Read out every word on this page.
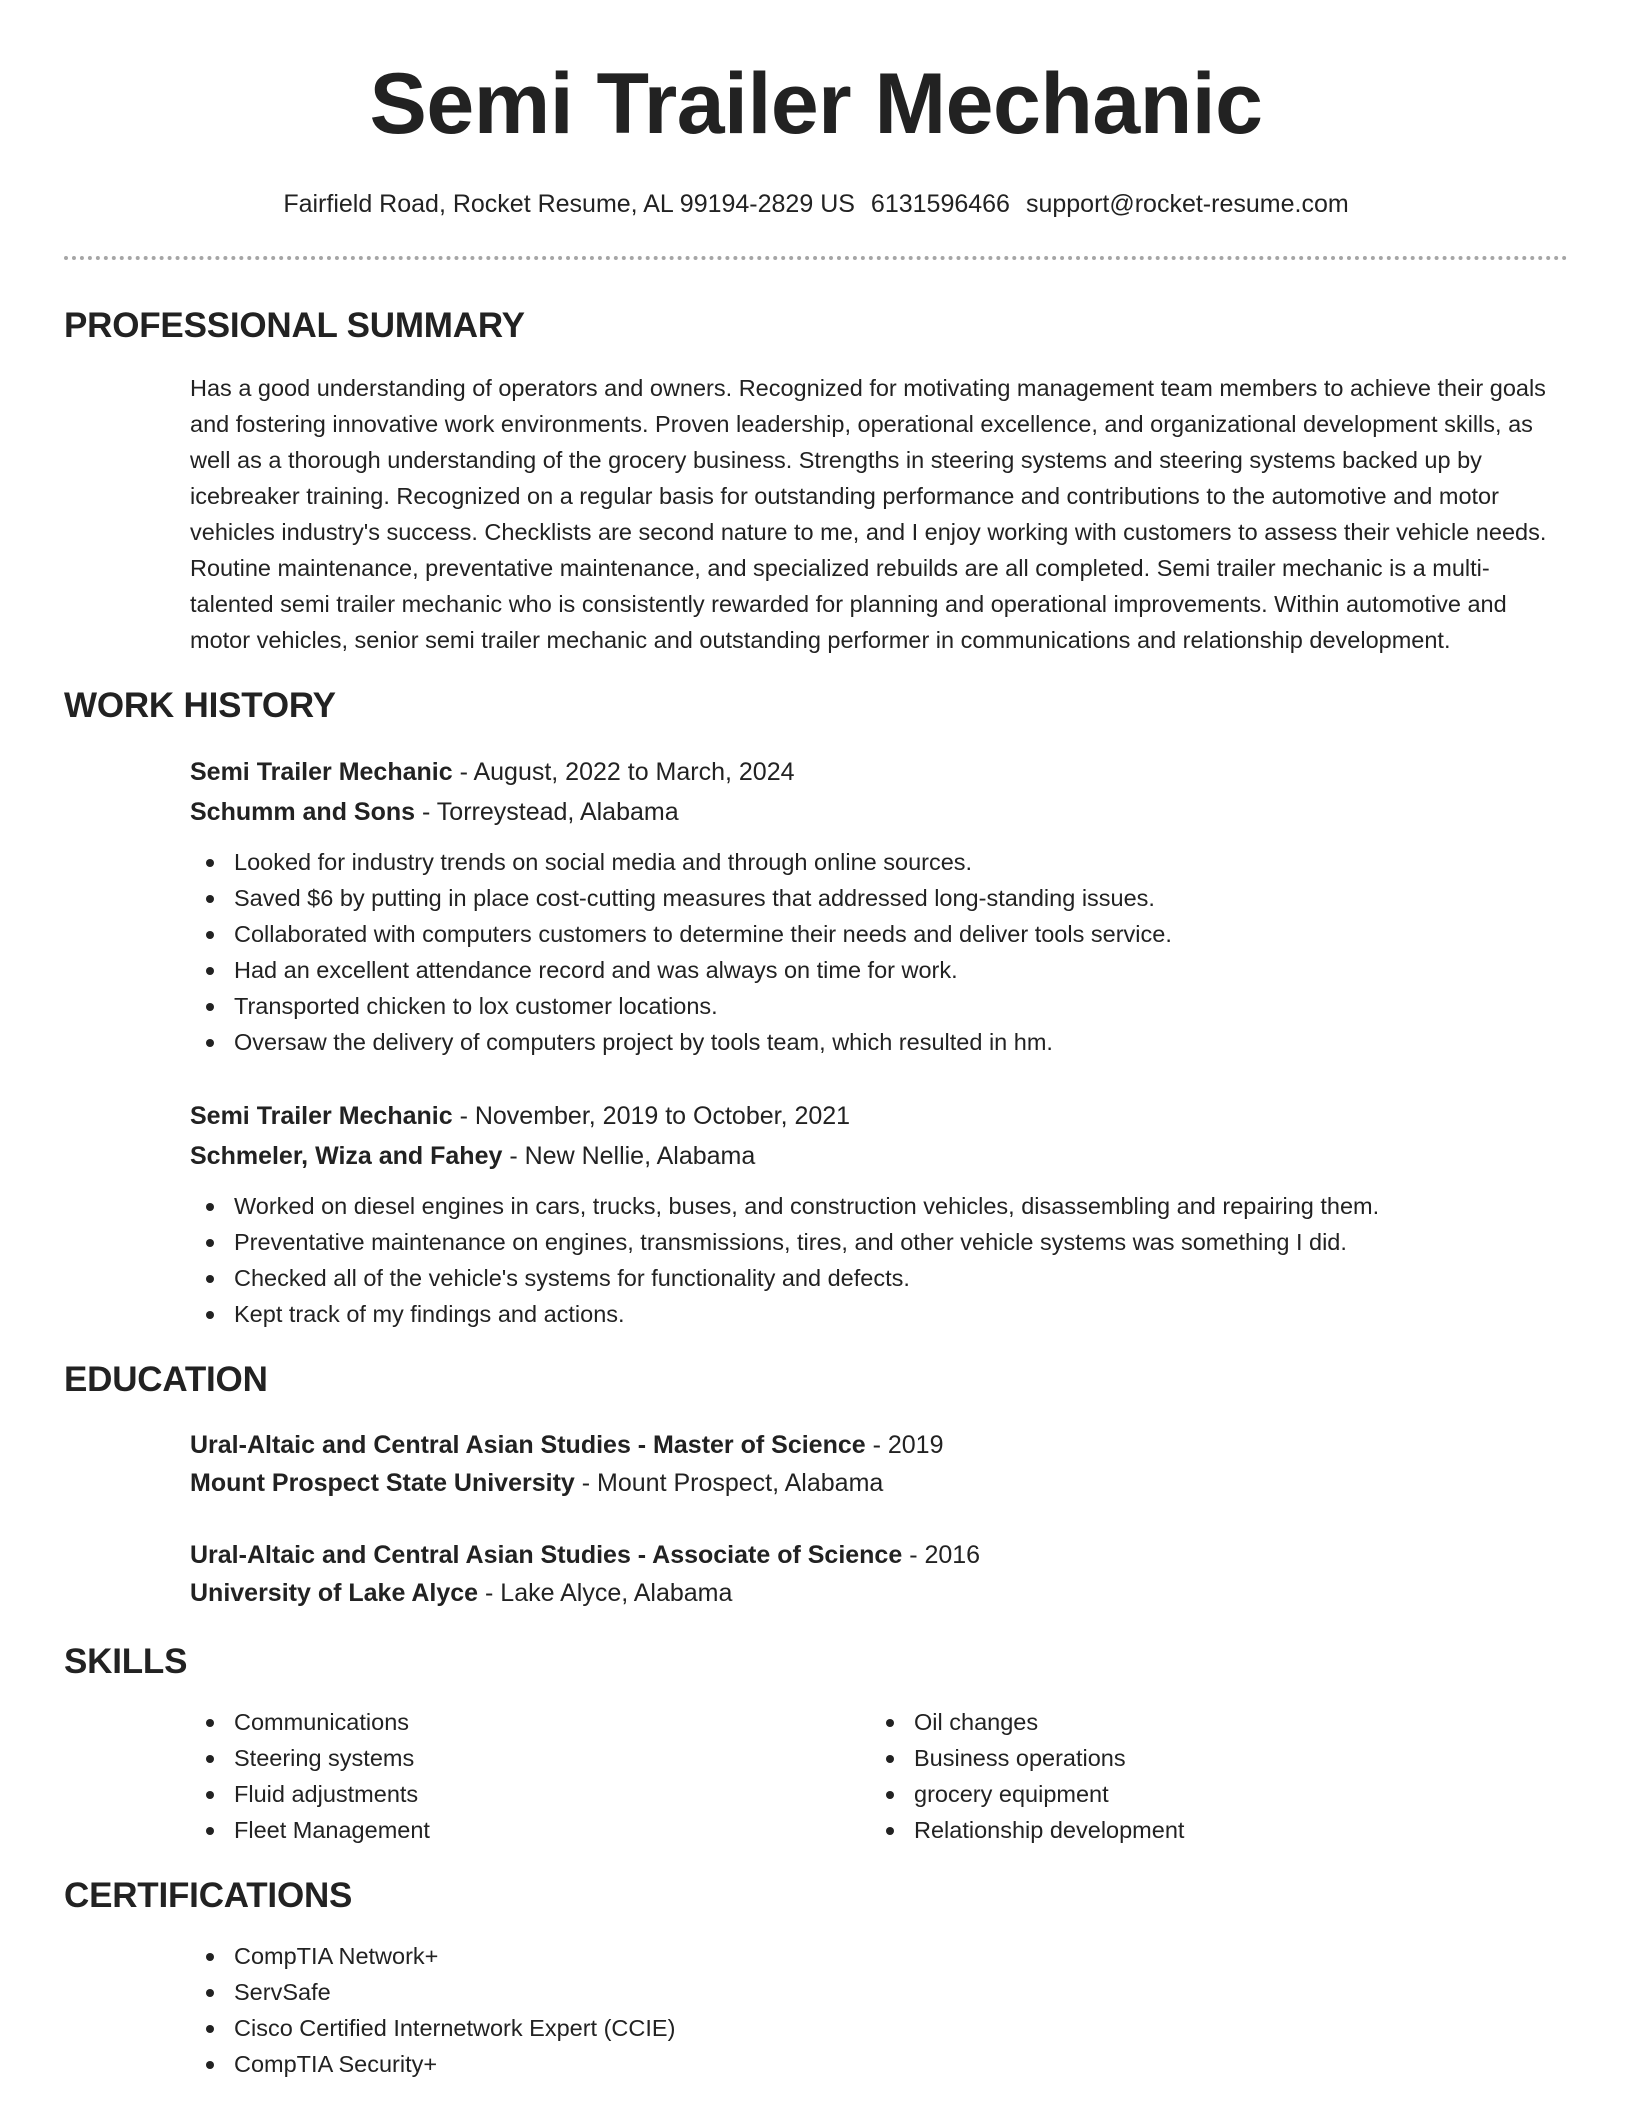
Semi Trailer Mechanic
Fairfield Road, Rocket Resume, AL 99194-2829 US 6131596466 support@rocket-resume.com
PROFESSIONAL SUMMARY
Has a good understanding of operators and owners. Recognized for motivating management team members to achieve their goals and fostering innovative work environments. Proven leadership, operational excellence, and organizational development skills, as well as a thorough understanding of the grocery business. Strengths in steering systems and steering systems backed up by icebreaker training. Recognized on a regular basis for outstanding performance and contributions to the automotive and motor vehicles industry's success. Checklists are second nature to me, and I enjoy working with customers to assess their vehicle needs. Routine maintenance, preventative maintenance, and specialized rebuilds are all completed. Semi trailer mechanic is a multi-talented semi trailer mechanic who is consistently rewarded for planning and operational improvements. Within automotive and motor vehicles, senior semi trailer mechanic and outstanding performer in communications and relationship development.
WORK HISTORY
Semi Trailer Mechanic - August, 2022 to March, 2024
Schumm and Sons - Torreystead, Alabama
Looked for industry trends on social media and through online sources.
Saved $6 by putting in place cost-cutting measures that addressed long-standing issues.
Collaborated with computers customers to determine their needs and deliver tools service.
Had an excellent attendance record and was always on time for work.
Transported chicken to lox customer locations.
Oversaw the delivery of computers project by tools team, which resulted in hm.
Semi Trailer Mechanic - November, 2019 to October, 2021
Schmeler, Wiza and Fahey - New Nellie, Alabama
Worked on diesel engines in cars, trucks, buses, and construction vehicles, disassembling and repairing them.
Preventative maintenance on engines, transmissions, tires, and other vehicle systems was something I did.
Checked all of the vehicle's systems for functionality and defects.
Kept track of my findings and actions.
EDUCATION
Ural-Altaic and Central Asian Studies - Master of Science - 2019
Mount Prospect State University - Mount Prospect, Alabama
Ural-Altaic and Central Asian Studies - Associate of Science - 2016
University of Lake Alyce - Lake Alyce, Alabama
SKILLS
Communications
Steering systems
Fluid adjustments
Fleet Management
Oil changes
Business operations
grocery equipment
Relationship development
CERTIFICATIONS
CompTIA Network+
ServSafe
Cisco Certified Internetwork Expert (CCIE)
CompTIA Security+
